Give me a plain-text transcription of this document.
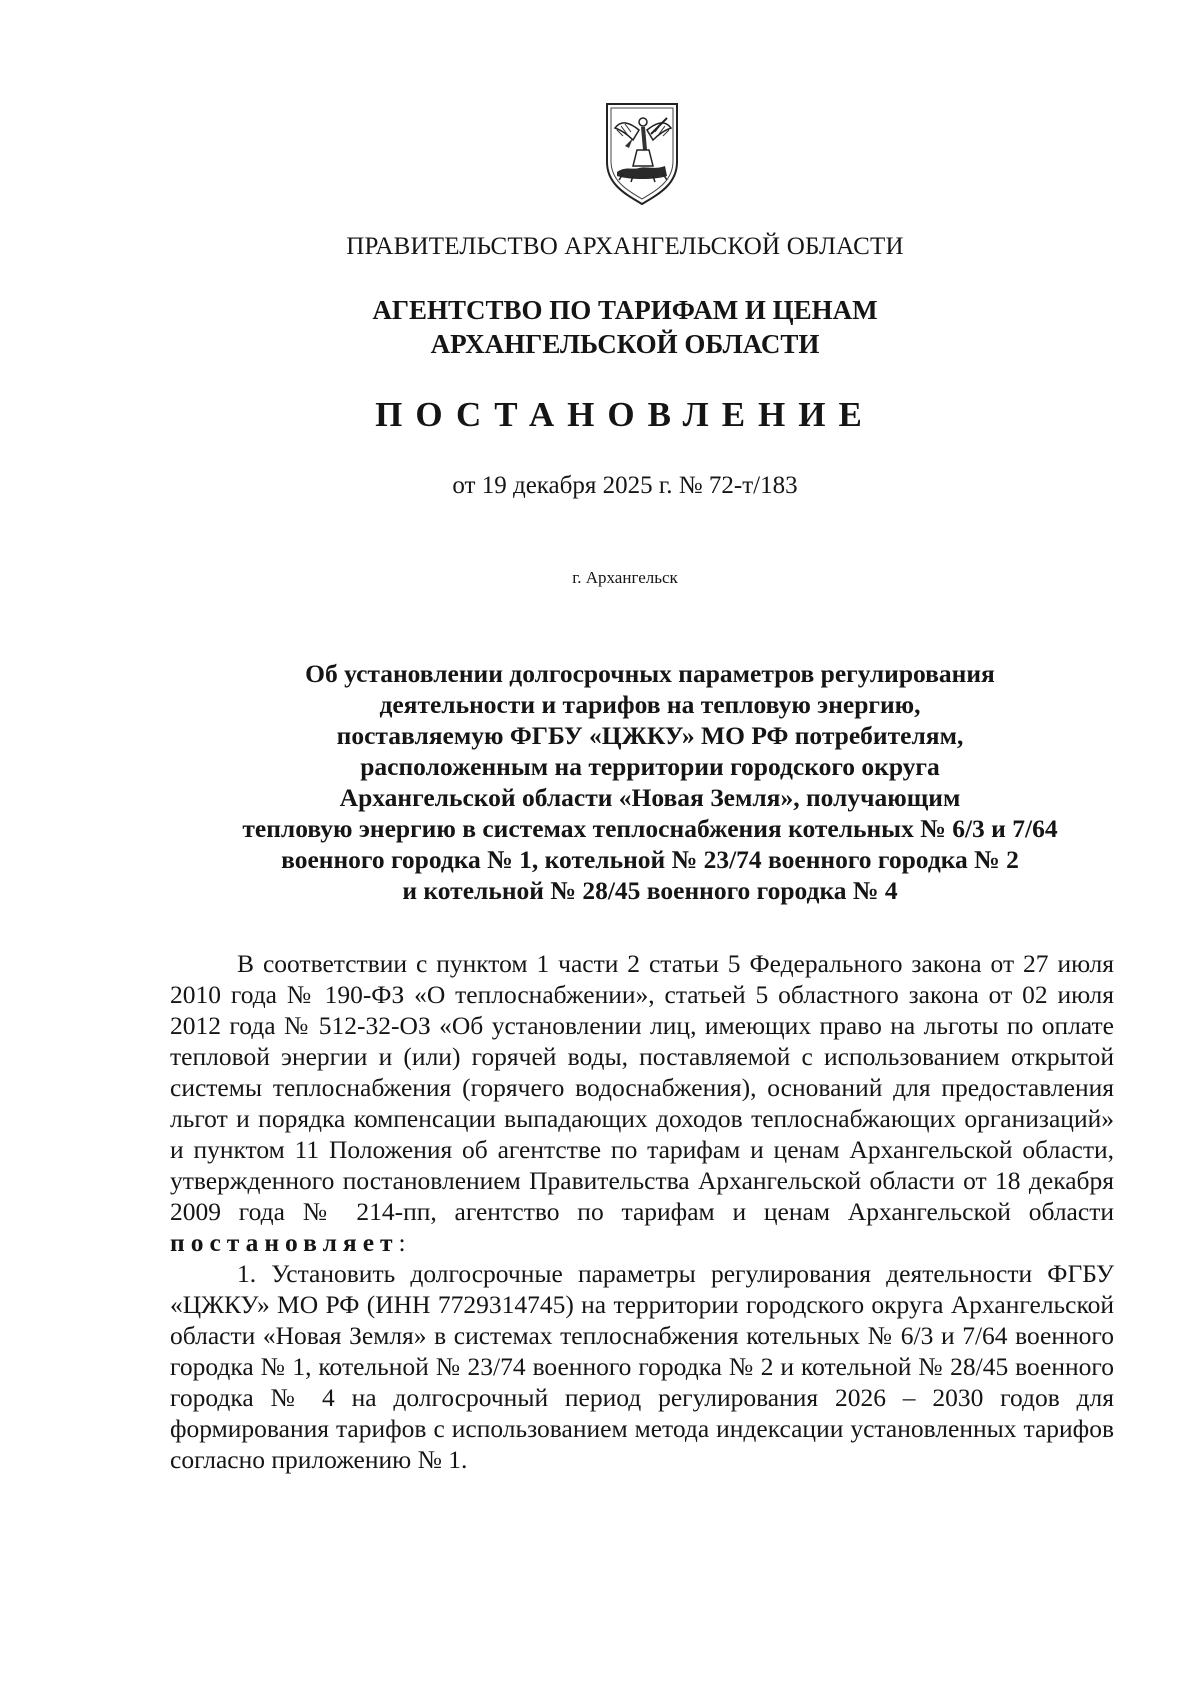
ПРАВИТЕЛЬСТВО АРХАНГЕЛЬСКОЙ ОБЛАСТИ
АГЕНТСТВО ПО ТАРИФАМ И ЦЕНАМ
АРХАНГЕЛЬСКОЙ ОБЛАСТИ
ПОСТАНОВЛЕНИЕ
от 19 декабря 2025 г. № 72-т/183
г. Архангельск
Об установлении долгосрочных параметров регулирования
деятельности и тарифов на тепловую энергию,
поставляемую ФГБУ «ЦЖКУ» МО РФ потребителям,
расположенным на территории городского округа
Архангельской области «Новая Земля», получающим
тепловую энергию в системах теплоснабжения котельных № 6/3 и 7/64
военного городка № 1, котельной № 23/74 военного городка № 2
и котельной № 28/45 военного городка № 4

В соответствии с пунктом 1 части 2 статьи 5 Федерального закона от 27 июля 2010 года № 190-ФЗ «О теплоснабжении», статьей 5 областного закона от 02 июля 2012 года № 512-32-ОЗ «Об установлении лиц, имеющих право на льготы по оплате тепловой энергии и (или) горячей воды, поставляемой с использованием открытой системы теплоснабжения (горячего водоснабжения), оснований для предоставления льгот и порядка компенсации выпадающих доходов теплоснабжающих организаций» и пунктом 11 Положения об агентстве по тарифам и ценам Архангельской области, утвержденного постановлением Правительства Архангельской области от 18 декабря 2009 года № 214-пп, агентство по тарифам и ценам Архангельской области постановляет:

1. Установить долгосрочные параметры регулирования деятельности ФГБУ «ЦЖКУ» МО РФ (ИНН 7729314745) на территории городского округа Архангельской области «Новая Земля» в системах теплоснабжения котельных № 6/3 и 7/64 военного городка № 1, котельной № 23/74 военного городка № 2 и котельной № 28/45 военного городка № 4 на долгосрочный период регулирования 2026 – 2030 годов для формирования тарифов с использованием метода индексации установленных тарифов согласно приложению № 1.
